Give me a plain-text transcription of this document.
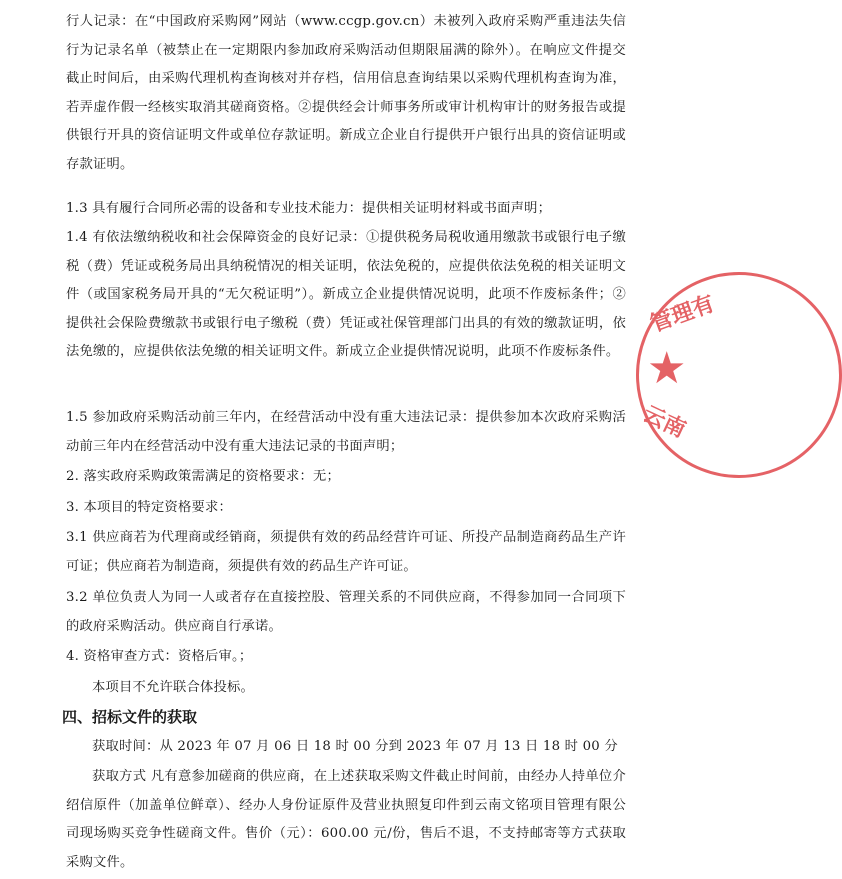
行人记录：在“中国政府采购网”网站（www.ccgp.gov.cn）未被列入政府采购严重违法失信行为记录名单（被禁止在一定期限内参加政府采购活动但期限届满的除外）。在响应文件提交截止时间后，由采购代理机构查询核对并存档，信用信息查询结果以采购代理机构查询为准，若弄虚作假一经核实取消其磋商资格。②提供经会计师事务所或审计机构审计的财务报告或提供银行开具的资信证明文件或单位存款证明。新成立企业自行提供开户银行出具的资信证明或存款证明。

1.3 具有履行合同所必需的设备和专业技术能力：提供相关证明材料或书面声明；

1.4 有依法缴纳税收和社会保障资金的良好记录：①提供税务局税收通用缴款书或银行电子缴税（费）凭证或税务局出具纳税情况的相关证明，依法免税的，应提供依法免税的相关证明文件（或国家税务局开具的“无欠税证明”）。新成立企业提供情况说明，此项不作废标条件；②提供社会保险费缴款书或银行电子缴税（费）凭证或社保管理部门出具的有效的缴款证明，依法免缴的，应提供依法免缴的相关证明文件。新成立企业提供情况说明，此项不作废标条件。

1.5 参加政府采购活动前三年内，在经营活动中没有重大违法记录：提供参加本次政府采购活动前三年内在经营活动中没有重大违法记录的书面声明；

2. 落实政府采购政策需满足的资格要求：无；

3. 本项目的特定资格要求：

3.1 供应商若为代理商或经销商，须提供有效的药品经营许可证、所投产品制造商药品生产许可证；供应商若为制造商，须提供有效的药品生产许可证。

3.2 单位负责人为同一人或者存在直接控股、管理关系的不同供应商，不得参加同一合同项下的政府采购活动。供应商自行承诺。

4. 资格审查方式：资格后审。；

本项目不允许联合体投标。

四、招标文件的获取

获取时间：从 2023 年 07 月 06 日 18 时 00 分到 2023 年 07 月 13 日 18 时 00 分

获取方式 凡有意参加磋商的供应商，在上述获取采购文件截止时间前，由经办人持单位介绍信原件（加盖单位鲜章）、经办人身份证原件及营业执照复印件到云南文铭项目管理有限公司现场购买竞争性磋商文件。售价（元）：600.00 元/份，售后不退，不支持邮寄等方式获取采购文件。

管理有
★
云南
